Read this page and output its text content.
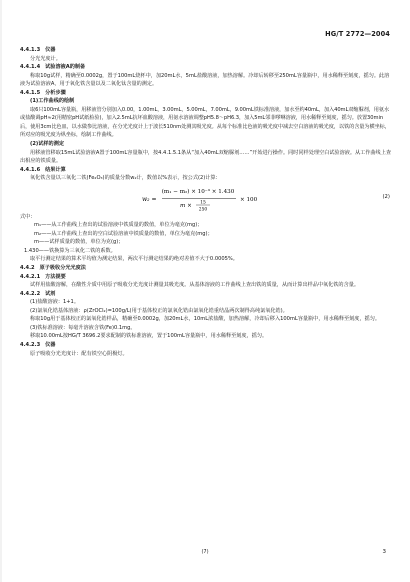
HG/T 2772—2004
4.4.1.3 仪器

分光光度计。

4.4.1.4 试验溶液A的制备

称取10g试样，精确至0.0002g，置于100mL烧杯中，加20mL水，5mL盐酸溶液，加热溶解。冷却后转移至250mL容量瓶中，用水稀释至刻度，摇匀。此溶液为试验溶液A，用于氧化铁含量以及二氧化钛含量的测定。

4.4.1.5 分析步骤

(1)工作曲线的绘制

取6只100mL容量瓶，用移液管分别加入0.00，1.00mL，3.00mL，5.00mL，7.00mL，9.00mL铁标准溶液，加水至约40mL，加入40mL双缩脲剂，用氨水或盐酸调pH≈2(用精密pH试纸检验)，加入2.5mL抗坏血酸溶液，用氨水溶液调整pH5.8～pH6.3，加入5mL邻菲啰啉溶液，用水稀释至刻度，摇匀。放置30min后，使用3cm比色皿，以水做参比溶液，在分光光度计上于波长510nm处测其吸光度。从每个标准比色液的吸光度中减去空白溶液的吸光度，以铁的含量为横坐标，所对应的吸光度为纵坐标，绘制工作曲线。

(2)试样的测定

用移液管移取15mL试验溶液A置于100mL容量瓶中，按4.4.1.5.1条从“加入40mL双缩脲剂……”开始进行操作。同时同样处理空白试验溶液。从工作曲线上查出相应的铁质量。

4.4.1.6 结果计算

氧化铁含量以三氧化二铁(Fe₂O₃)的质量分数w₂计，数值以%表示，按公式(2)计算：

w₂ =
(m₁ − m₂) × 10⁻³ × 1.430
m × 15
250
× 100	(2)

式中：

m₁——从工作曲线上查出的试验溶液中铁质量的数值，单位为毫克(mg)；

m₂——从工作曲线上查出的空白试验溶液中铁质量的数值，单位为毫克(mg)；

m——试样质量的数值，单位为克(g)；

1.430——铁换算为三氧化二铁的系数。

取平行测定结果的算术平均值为测定结果，两次平行测定结果的绝对差值不大于0.0005%。

4.4.2 原子吸收分光光度法
4.4.2.1 方法提要

试样用盐酸溶解，在酸性介质中用原子吸收分光光度计测量其吸光度。从基体溶液的工作曲线上查出铁的质量，从而计算出样品中氧化铁的含量。

4.4.2.2 试剂

(1)盐酸溶液：1+1。

(2)氯氧化锆基体溶液：ρ(ZrOCl₂)=100g/L(用于基体校正的氯氧化锆由氯氧化锆重结晶两次制得高纯氯氧化锆)。

称取10g用于基体校正的氯氧化锆样品，精确至0.0002g，加20mL水，10mL浓盐酸，加热溶解，冷却后移入100mL容量瓶中，用水稀释至刻度，摇匀。

(3)铁标准溶液：每毫升溶液含铁(Fe)0.1mg。

移取10.00mL按HG/T 3696.2要求配制的铁标准溶液，置于100mL容量瓶中，用水稀释至刻度，摇匀。

4.4.2.3 仪器

原子吸收分光光度计：配有铁空心阴极灯。

(7)	3
